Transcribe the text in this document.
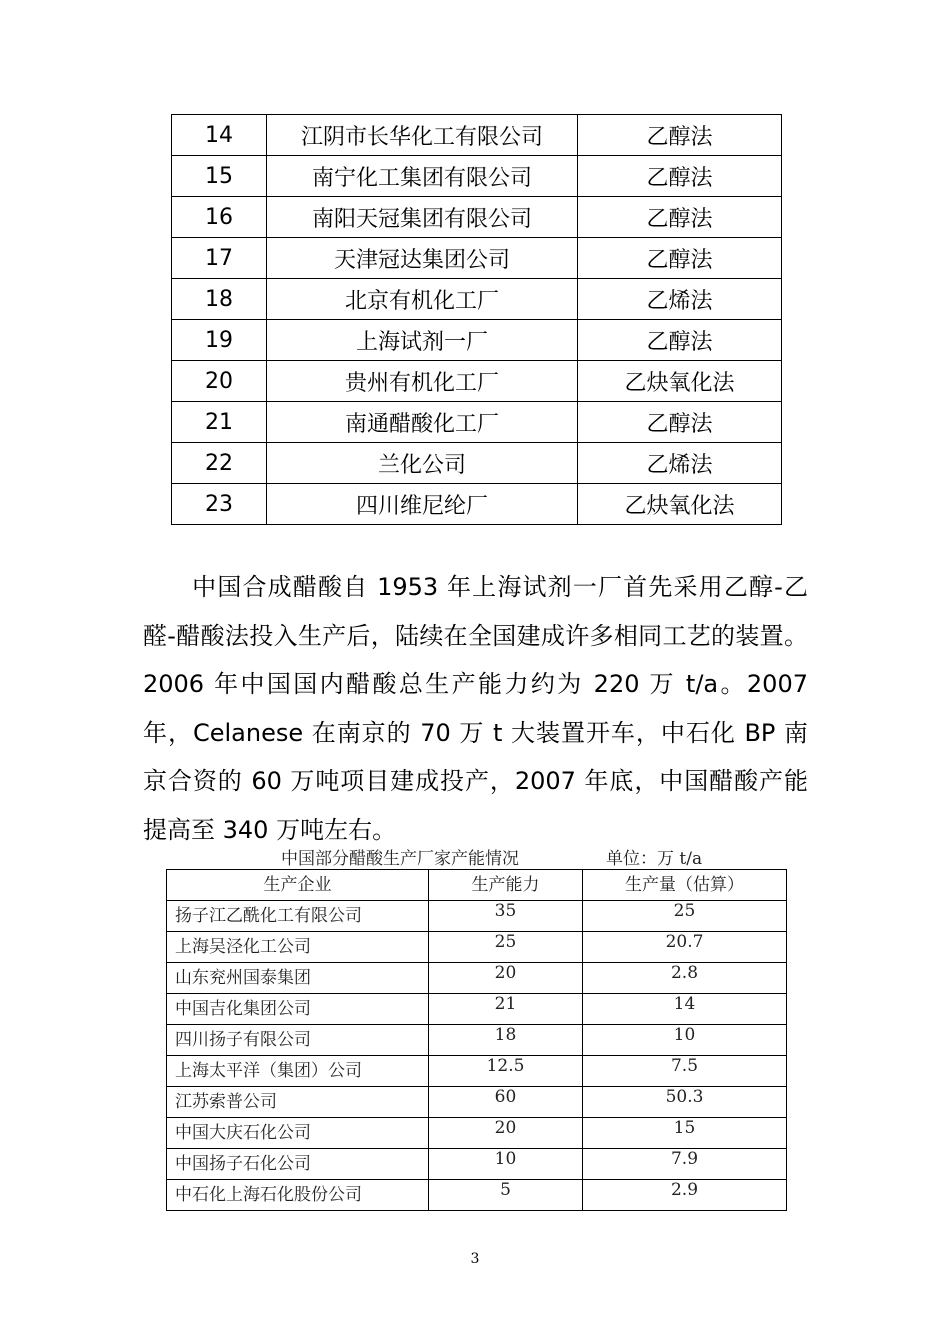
14	江阴市长华化工有限公司	乙醇法
15	南宁化工集团有限公司	乙醇法
16	南阳天冠集团有限公司	乙醇法
17	天津冠达集团公司	乙醇法
18	北京有机化工厂	乙烯法
19	上海试剂一厂	乙醇法
20	贵州有机化工厂	乙炔氧化法
21	南通醋酸化工厂	乙醇法
22	兰化公司	乙烯法
23	四川维尼纶厂	乙炔氧化法
中国合成醋酸自 1953 年上海试剂一厂首先采用乙醇-乙醛-醋酸法投入生产后，陆续在全国建成许多相同工艺的装置。2006 年中国国内醋酸总生产能力约为 220 万 t/a。2007 年，Celanese 在南京的 70 万 t 大装置开车，中石化 BP 南京合资的 60 万吨项目建成投产，2007 年底，中国醋酸产能提高至 340 万吨左右。
中国部分醋酸生产厂家产能情况	单位：万 t/a
生产企业	生产能力	生产量（估算）
扬子江乙酰化工有限公司	35	25
上海吴泾化工公司	25	20.7
山东兖州国泰集团	20	2.8
中国吉化集团公司	21	14
四川扬子有限公司	18	10
上海太平洋（集团）公司	12.5	7.5
江苏索普公司	60	50.3
中国大庆石化公司	20	15
中国扬子石化公司	10	7.9
中石化上海石化股份公司	5	2.9
3
